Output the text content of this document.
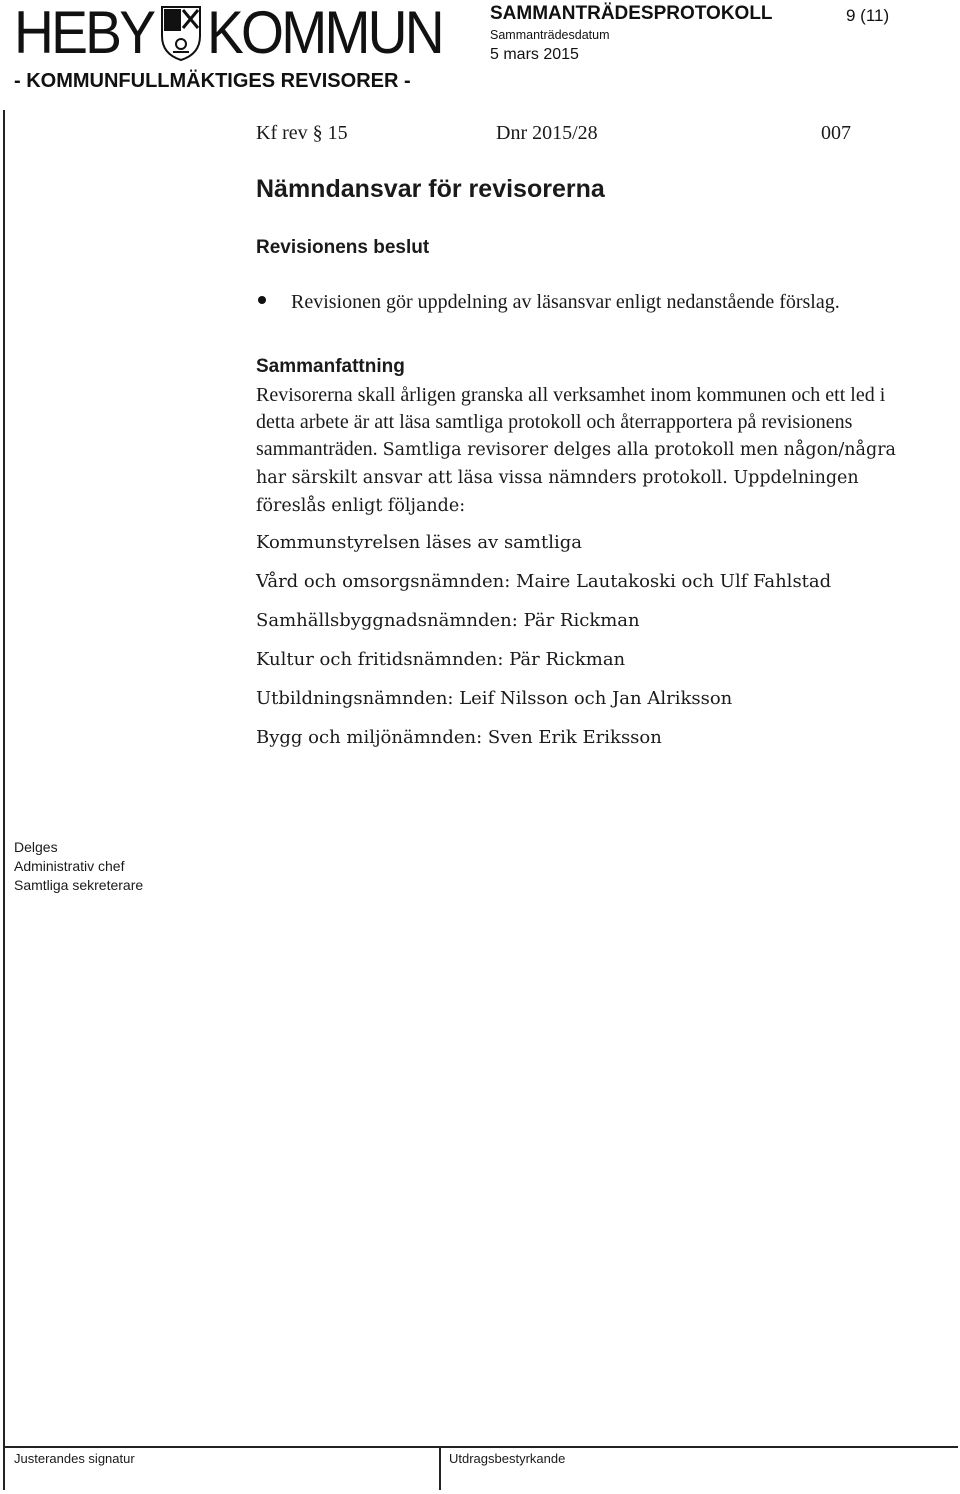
HEBY KOMMUN
- KOMMUNFULLMÄKTIGES REVISORER -
SAMMANTRÄDESPROTOKOLL	9 (11)
Sammanträdesdatum
5 mars 2015
Kf rev § 15	Dnr 2015/28	007
Nämndansvar för revisorerna
Revisionens beslut
Revisionen gör uppdelning av läsansvar enligt nedanstående förslag.
Sammanfattning
Revisorerna skall årligen granska all verksamhet inom kommunen och ett led i detta arbete är att läsa samtliga protokoll och återrapportera på revisionens sammanträden. Samtliga revisorer delges alla protokoll men någon/några har särskilt ansvar att läsa vissa nämnders protokoll. Uppdelningen föreslås enligt följande:
Kommunstyrelsen läses av samtliga
Vård och omsorgsnämnden: Maire Lautakoski och Ulf Fahlstad
Samhällsbyggnadsnämnden: Pär Rickman
Kultur och fritidsnämnden: Pär Rickman
Utbildningsnämnden: Leif Nilsson och Jan Alriksson
Bygg och miljönämnden: Sven Erik Eriksson
Delges
Administrativ chef
Samtliga sekreterare
Justerandes signatur	Utdragsbestyrkande
